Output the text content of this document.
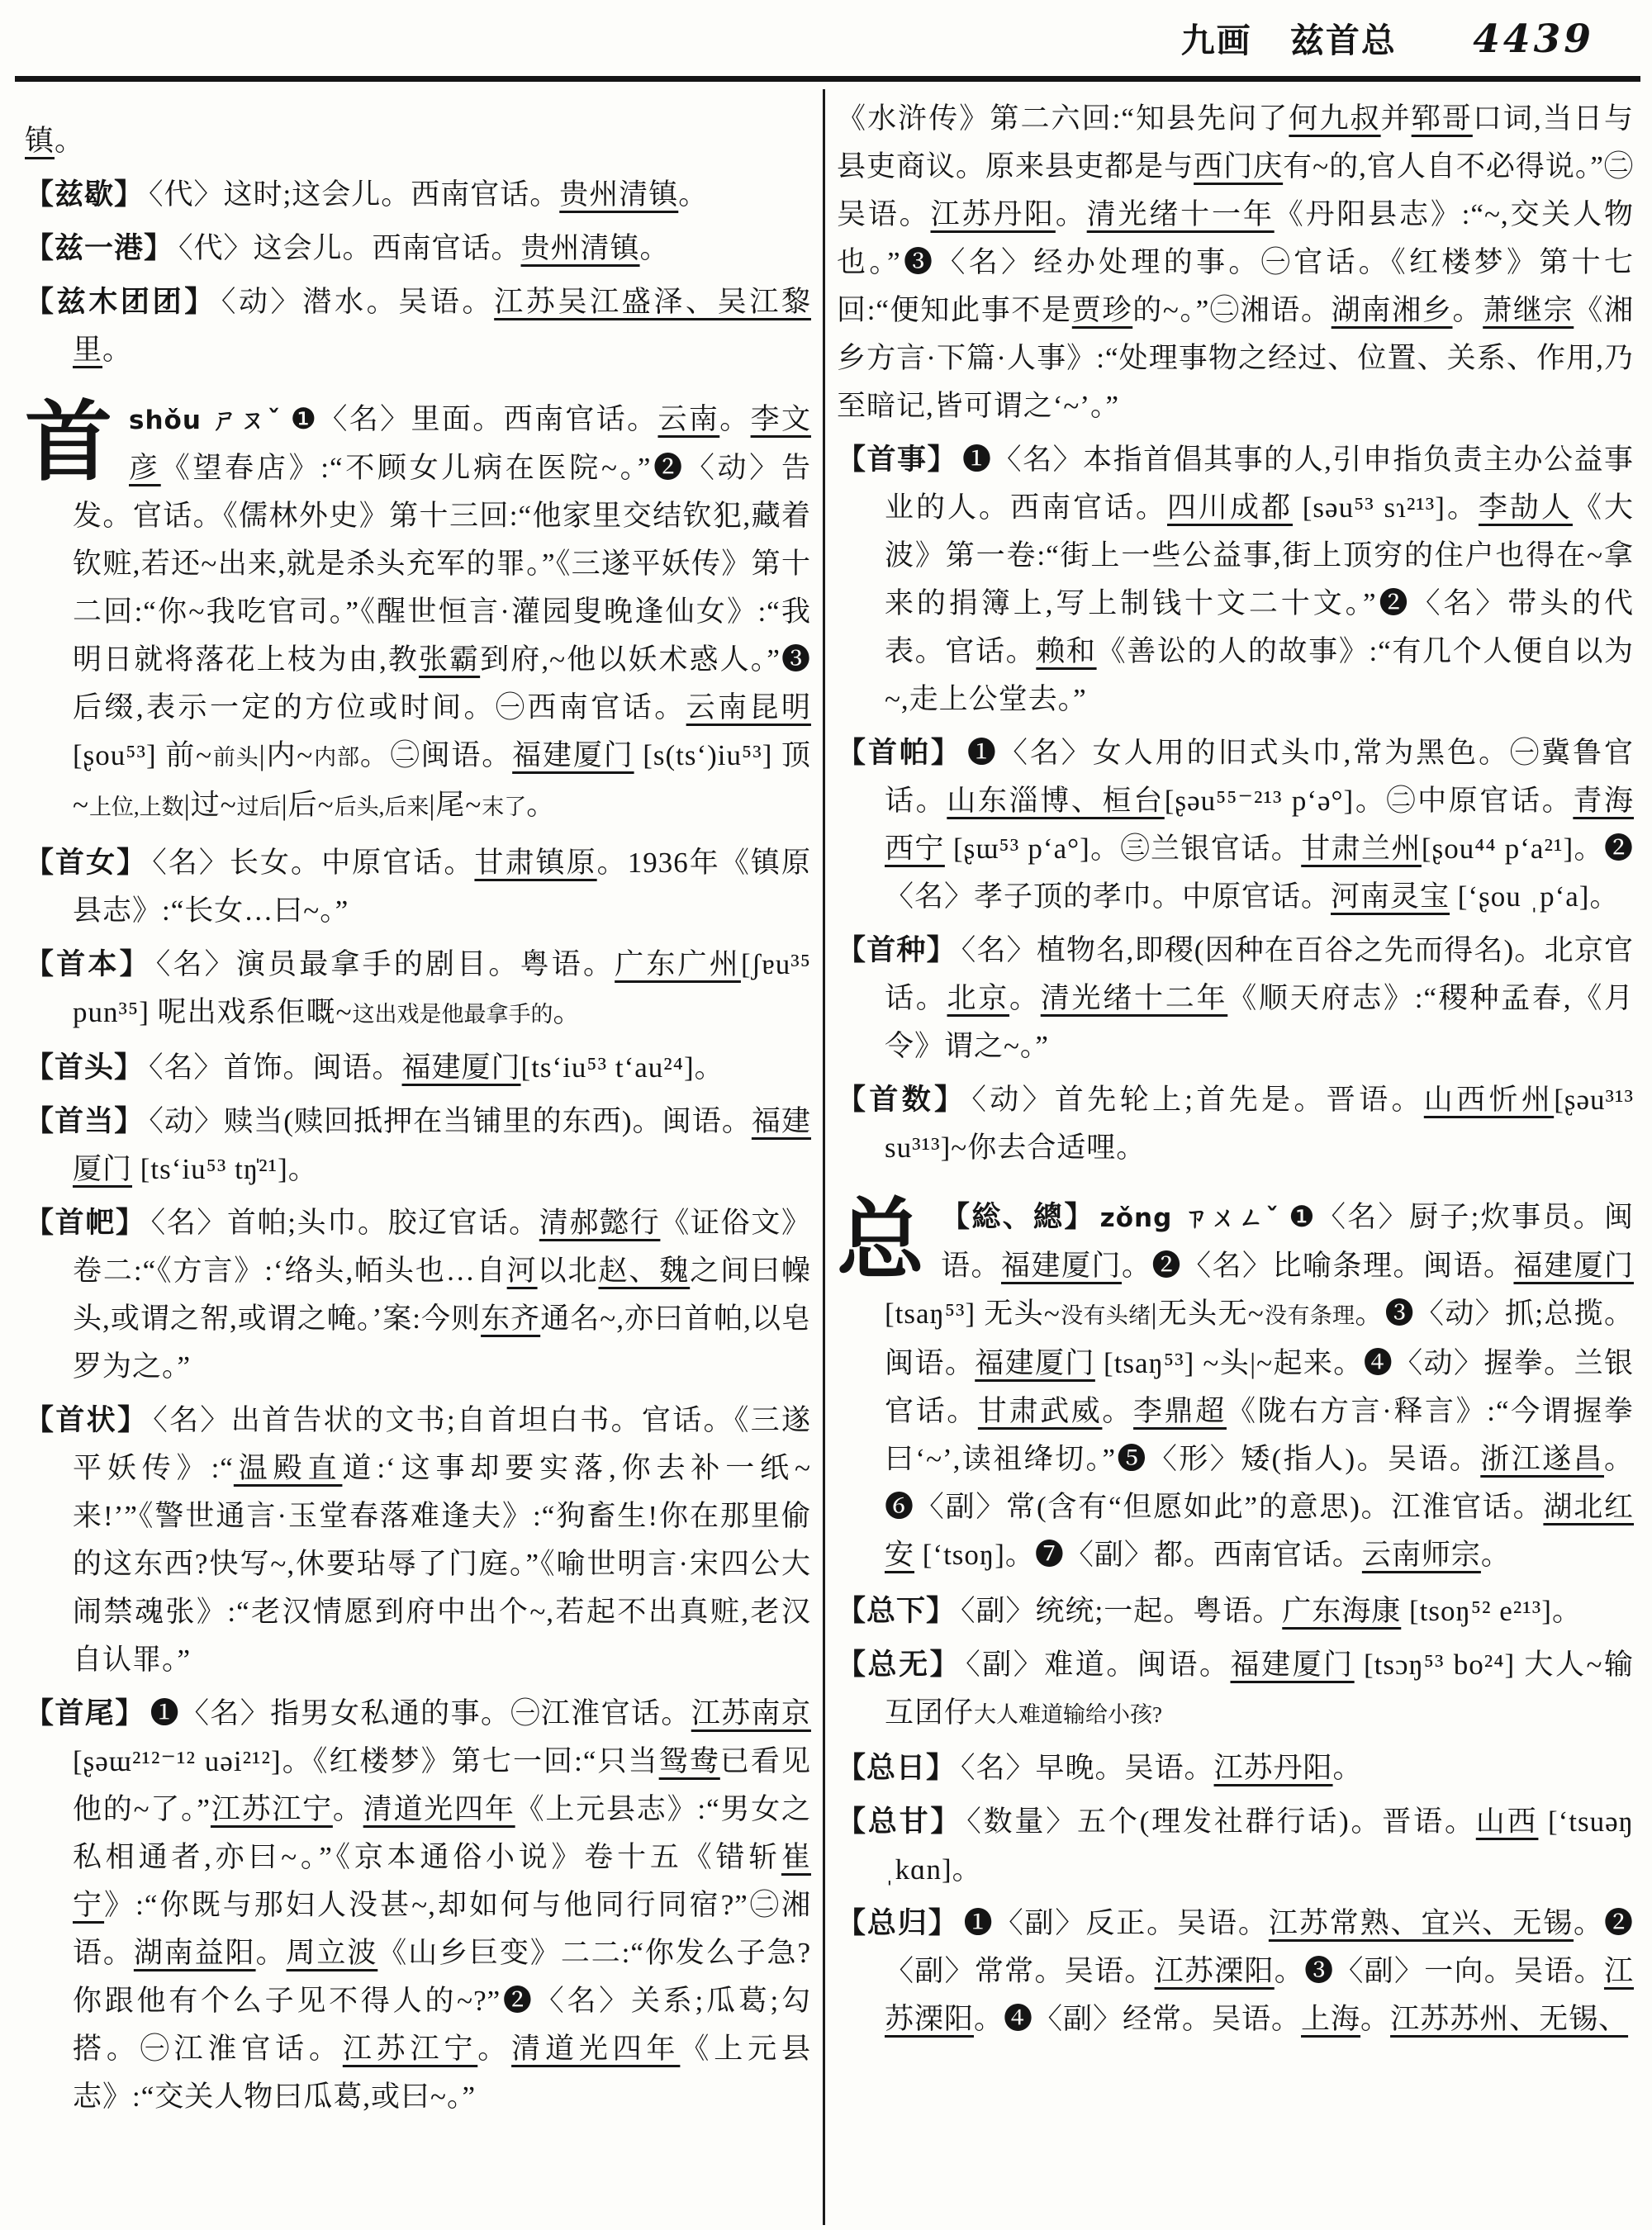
九画 兹首总 4439

镇。

【兹歇】 〈代〉这时;这会儿。西南官话。贵州清镇。

【兹一港】 〈代〉这会儿。西南官话。贵州清镇。

【兹木团团】 〈动〉潜水。吴语。江苏吴江盛泽、吴江黎里。

首shǒu ㄕㄡˇ ❶〈名〉里面。西南官话。云南。李文彦《望春店》:“不顾女儿病在医院~。”❷〈动〉告发。官话。《儒林外史》第十三回:“他家里交结钦犯,藏着钦赃,若还~出来,就是杀头充军的罪。”《三遂平妖传》第十二回:“你~我吃官司。”《醒世恒言·灌园叟晚逢仙女》:“我明日就将落花上枝为由,教张霸到府,~他以妖术惑人。”❸后缀,表示一定的方位或时间。㊀西南官话。云南昆明 [ʂou⁵³] 前~前头|内~内部。㊁闽语。福建厦门 [s(tsʻ)iu⁵³] 顶~上位,上数|过~过后|后~后头,后来|尾~末了。

【首女】 〈名〉长女。中原官话。甘肃镇原。1936年《镇原县志》:“长女…曰~。”

【首本】 〈名〉演员最拿手的剧目。粤语。广东广州[ʃɐu³⁵ pun³⁵] 呢出戏系佢嘅~这出戏是他最拿手的。

【首头】 〈名〉首饰。闽语。福建厦门[tsʻiu⁵³ tʻau²⁴]。

【首当】 〈动〉赎当(赎回抵押在当铺里的东西)。闽语。福建厦门 [tsʻiu⁵³ tŋ̍²¹]。

【首帊】 〈名〉首帕;头巾。胶辽官话。清郝懿行《证俗文》卷二:“《方言》:‘络头,帞头也…自河以北赵、魏之间曰幧头,或谓之帤,或谓之㡋。’案:今则东齐通名~,亦曰首帕,以皂罗为之。”

【首状】 〈名〉出首告状的文书;自首坦白书。官话。《三遂平妖传》:“温殿直道:‘这事却要实落,你去补一纸~来!’”《警世通言·玉堂春落难逢夫》:“狗畜生!你在那里偷的这东西?快写~,休要玷辱了门庭。”《喻世明言·宋四公大闹禁魂张》:“老汉情愿到府中出个~,若起不出真赃,老汉自认罪。”

【首尾】 ❶〈名〉指男女私通的事。㊀江淮官话。江苏南京 [ʂəɯ²¹²⁻¹² uəi²¹²]。《红楼梦》第七一回:“只当鸳鸯已看见他的~了。”江苏江宁。清道光四年《上元县志》:“男女之私相通者,亦曰~。”《京本通俗小说》卷十五《错斩崔宁》:“你既与那妇人没甚~,却如何与他同行同宿?”㊁湘语。湖南益阳。周立波《山乡巨变》二二:“你发么子急?你跟他有个么子见不得人的~?”❷〈名〉关系;瓜葛;勾搭。㊀江淮官话。江苏江宁。清道光四年《上元县志》:“交关人物曰瓜葛,或曰~。”

《水浒传》第二六回:“知县先问了何九叔并郓哥口词,当日与县吏商议。原来县吏都是与西门庆有~的,官人自不必得说。”㊁吴语。江苏丹阳。清光绪十一年《丹阳县志》:“~,交关人物也。”❸〈名〉经办处理的事。㊀官话。《红楼梦》第十七回:“便知此事不是贾珍的~。”㊁湘语。湖南湘乡。萧继宗《湘乡方言·下篇·人事》:“处理事物之经过、位置、关系、作用,乃至暗记,皆可谓之‘~’。”

【首事】 ❶〈名〉本指首倡其事的人,引申指负责主办公益事业的人。西南官话。四川成都 [səu⁵³ sɿ²¹³]。李劼人《大波》第一卷:“街上一些公益事,街上顶穷的住户也得在~拿来的捐簿上,写上制钱十文二十文。”❷〈名〉带头的代表。官话。赖和《善讼的人的故事》:“有几个人便自以为~,走上公堂去。”

【首帕】 ❶〈名〉女人用的旧式头巾,常为黑色。㊀冀鲁官话。山东淄博、桓台[ʂəu⁵⁵⁻²¹³ pʻə°]。㊁中原官话。青海西宁 [ʂɯ⁵³ pʻa°]。㊂兰银官话。甘肃兰州[ʂou⁴⁴ pʻa²¹]。❷〈名〉孝子顶的孝巾。中原官话。河南灵宝 [ʻʂou ˌpʻa]。

【首种】 〈名〉植物名,即稷(因种在百谷之先而得名)。北京官话。北京。清光绪十二年《顺天府志》:“稷种孟春,《月令》谓之~。”

【首数】 〈动〉首先轮上;首先是。晋语。山西忻州[ʂəu³¹³ su³¹³]~你去合适哩。

总 【総、總】 zǒng ㄗㄨㄥˇ ❶〈名〉厨子;炊事员。闽语。福建厦门。❷〈名〉比喻条理。闽语。福建厦门 [tsaŋ⁵³] 无头~没有头绪|无头无~没有条理。❸〈动〉抓;总揽。闽语。福建厦门 [tsaŋ⁵³] ~头|~起来。❹〈动〉握拳。兰银官话。甘肃武威。李鼎超《陇右方言·释言》:“今谓握拳曰‘~’,读祖绛切。”❺〈形〉矮(指人)。吴语。浙江遂昌。❻〈副〉常(含有“但愿如此”的意思)。江淮官话。湖北红安 [ʻtsoŋ]。❼〈副〉都。西南官话。云南师宗。

【总下】 〈副〉统统;一起。粤语。广东海康 [tsoŋ⁵² e²¹³]。

【总无】 〈副〉难道。闽语。福建厦门 [tsɔŋ⁵³ bo²⁴] 大人~输互囝仔大人难道输给小孩?

【总日】 〈名〉早晚。吴语。江苏丹阳。

【总甘】 〈数量〉五个(理发社群行话)。晋语。山西 [ʻtsuəŋ ˌkɑn]。

【总归】 ❶〈副〉反正。吴语。江苏常熟、宜兴、无锡。❷〈副〉常常。吴语。江苏溧阳。❸〈副〉一向。吴语。江苏溧阳。❹〈副〉经常。吴语。上海。江苏苏州、无锡、
